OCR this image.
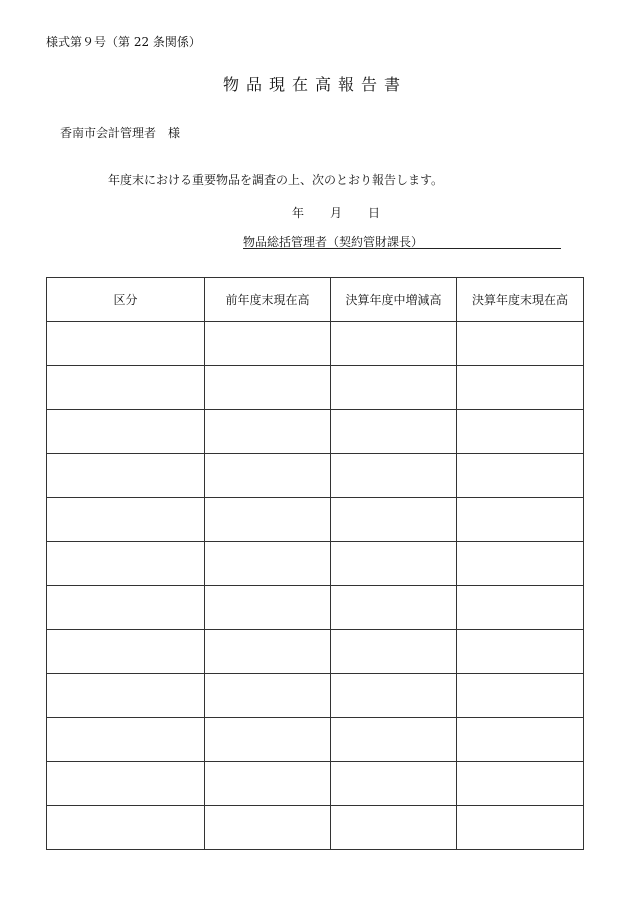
様式第９号（第 22 条関係）
物品現在高報告書
香南市会計管理者 様
年度末における重要物品を調査の上、次のとおり報告します。
年 月 日
物品総括管理者（契約管財課長）
区分	前年度末現在高	決算年度中増減高	決算年度末現在高
